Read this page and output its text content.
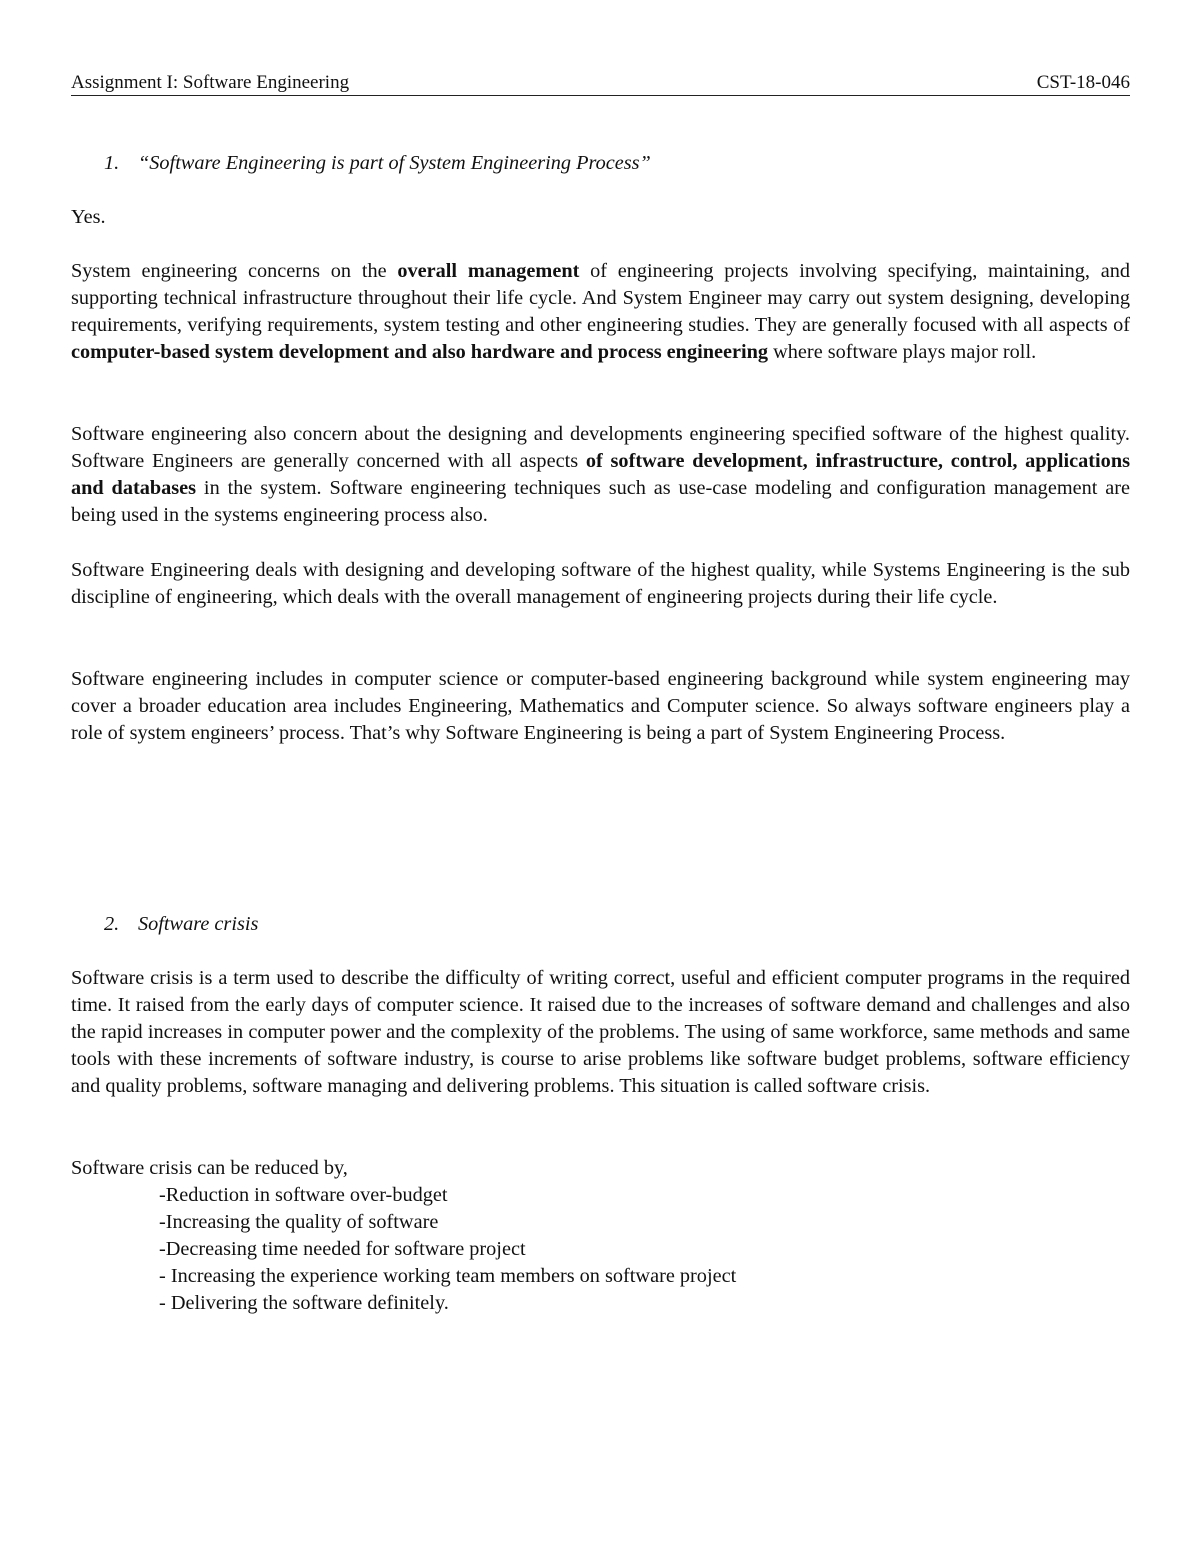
Assignment I: Software Engineering	CST-18-046
1. “Software Engineering is part of System Engineering Process”

Yes.

System engineering concerns on the overall management of engineering projects involving specifying, maintaining, and supporting technical infrastructure throughout their life cycle. And System Engineer may carry out system designing, developing requirements, verifying requirements, system testing and other engineering studies. They are generally focused with all aspects of computer-based system development and also hardware and process engineering where software plays major roll.

Software engineering also concern about the designing and developments engineering specified software of the highest quality. Software Engineers are generally concerned with all aspects of software development, infrastructure, control, applications and databases in the system. Software engineering techniques such as use-case modeling and configuration management are being used in the systems engineering process also.

Software Engineering deals with designing and developing software of the highest quality, while Systems Engineering is the sub discipline of engineering, which deals with the overall management of engineering projects during their life cycle.

Software engineering includes in computer science or computer-based engineering background while system engineering may cover a broader education area includes Engineering, Mathematics and Computer science. So always software engineers play a role of system engineers’ process. That’s why Software Engineering is being a part of System Engineering Process.

2. Software crisis

Software crisis is a term used to describe the difficulty of writing correct, useful and efficient computer programs in the required time. It raised from the early days of computer science. It raised due to the increases of software demand and challenges and also the rapid increases in computer power and the complexity of the problems. The using of same workforce, same methods and same tools with these increments of software industry, is course to arise problems like software budget problems, software efficiency and quality problems, software managing and delivering problems. This situation is called software crisis.

Software crisis can be reduced by,

-Reduction in software over-budget
-Increasing the quality of software
-Decreasing time needed for software project
- Increasing the experience working team members on software project
- Delivering the software definitely.
